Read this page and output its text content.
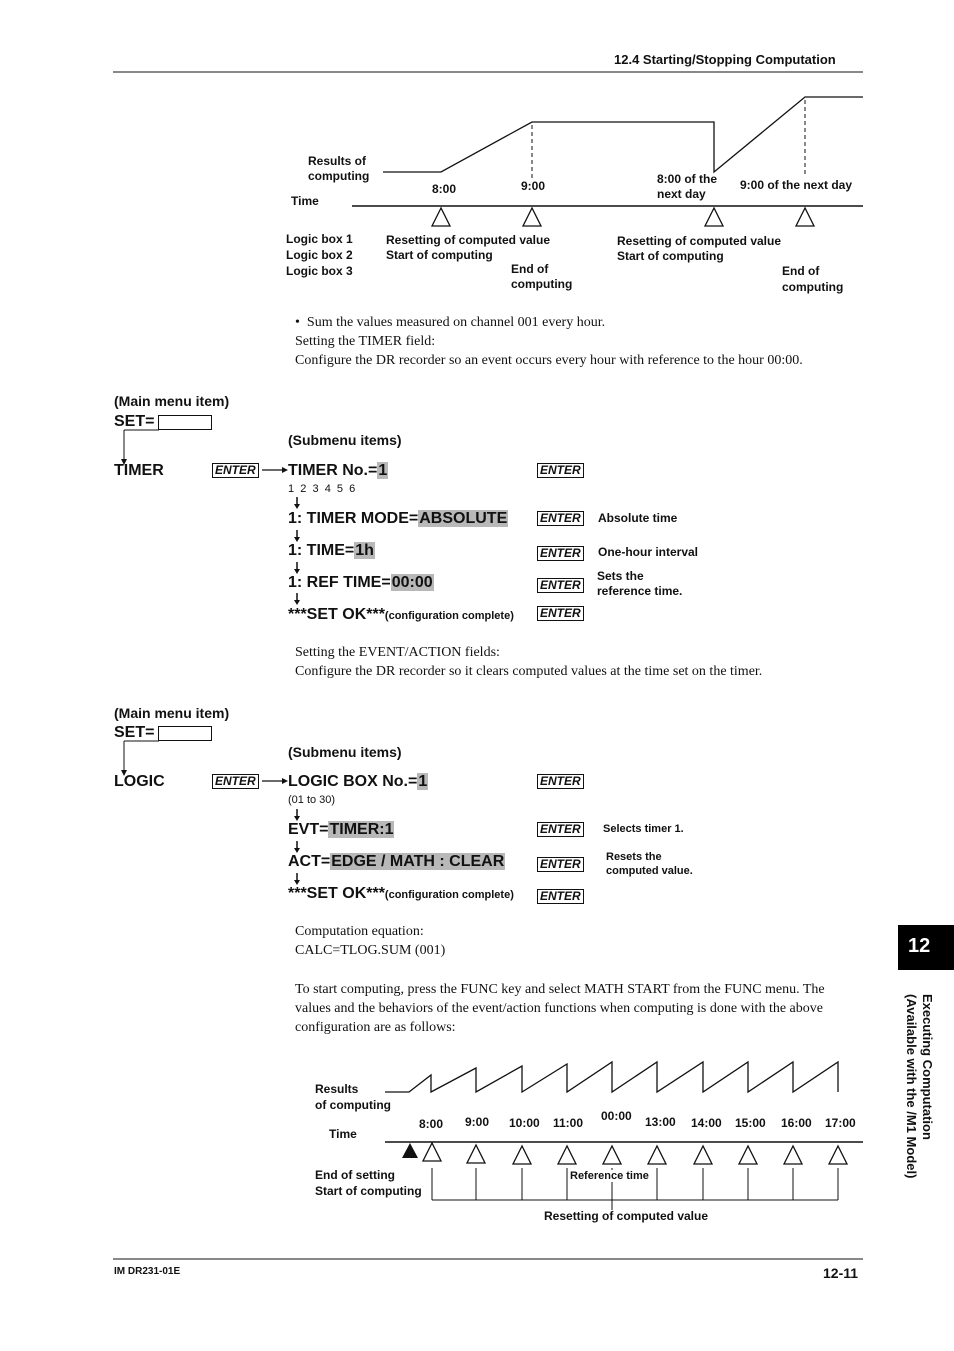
12.4 Starting/Stopping Computation
Results of
computing
Time
8:00	9:00	8:00 of the
next day
9:00 of the next day
Logic box 1
Logic box 2
Logic box 3
Resetting of computed value
Start of computing
End of
computing
Resetting of computed value
Start of computing
End of
computing
•  Sum the values measured on channel 001 every hour.
Setting the TIMER field:
Configure the DR recorder so an event occurs every hour with reference to the hour 00:00.
(Main menu item)
SET=
(Submenu items)
TIMER	ENTER TIMER No.=1
1  2  3  4  5  6
ENTER
1: TIMER MODE=ABSOLUTE	ENTER Absolute time
1: TIME=1h	ENTER One-hour interval
1: REF TIME=00:00	ENTER
Sets the
reference time.
***SET OK***(configuration complete) ENTER
Setting the EVENT/ACTION fields:
Configure the DR recorder so it clears computed values at the time set on the timer.
(Main menu item)
SET=
(Submenu items)
LOGIC	ENTER LOGIC BOX No.=1
(01 to 30)
ENTER
EVT=TIMER:1	ENTER Selects timer 1.
ACT=EDGE / MATH : CLEAR	ENTER Resets the
computed value.
***SET OK***(configuration complete) ENTER
Computation equation:
CALC=TLOG.SUM (001)
To start computing, press the FUNC key and select MATH START from the FUNC menu. The values and the behaviors of the event/action functions when computing is done with the above configuration are as follows:
Results
of computing
Time
8:00 9:00 10:00 11:00 00:00 13:00 14:00 15:00 16:00 17:00
End of setting
Start of computing
Reference time
Resetting of computed value
12
Executing Computation
(Available with the /M1 Model)
IM DR231-01E	12-11
